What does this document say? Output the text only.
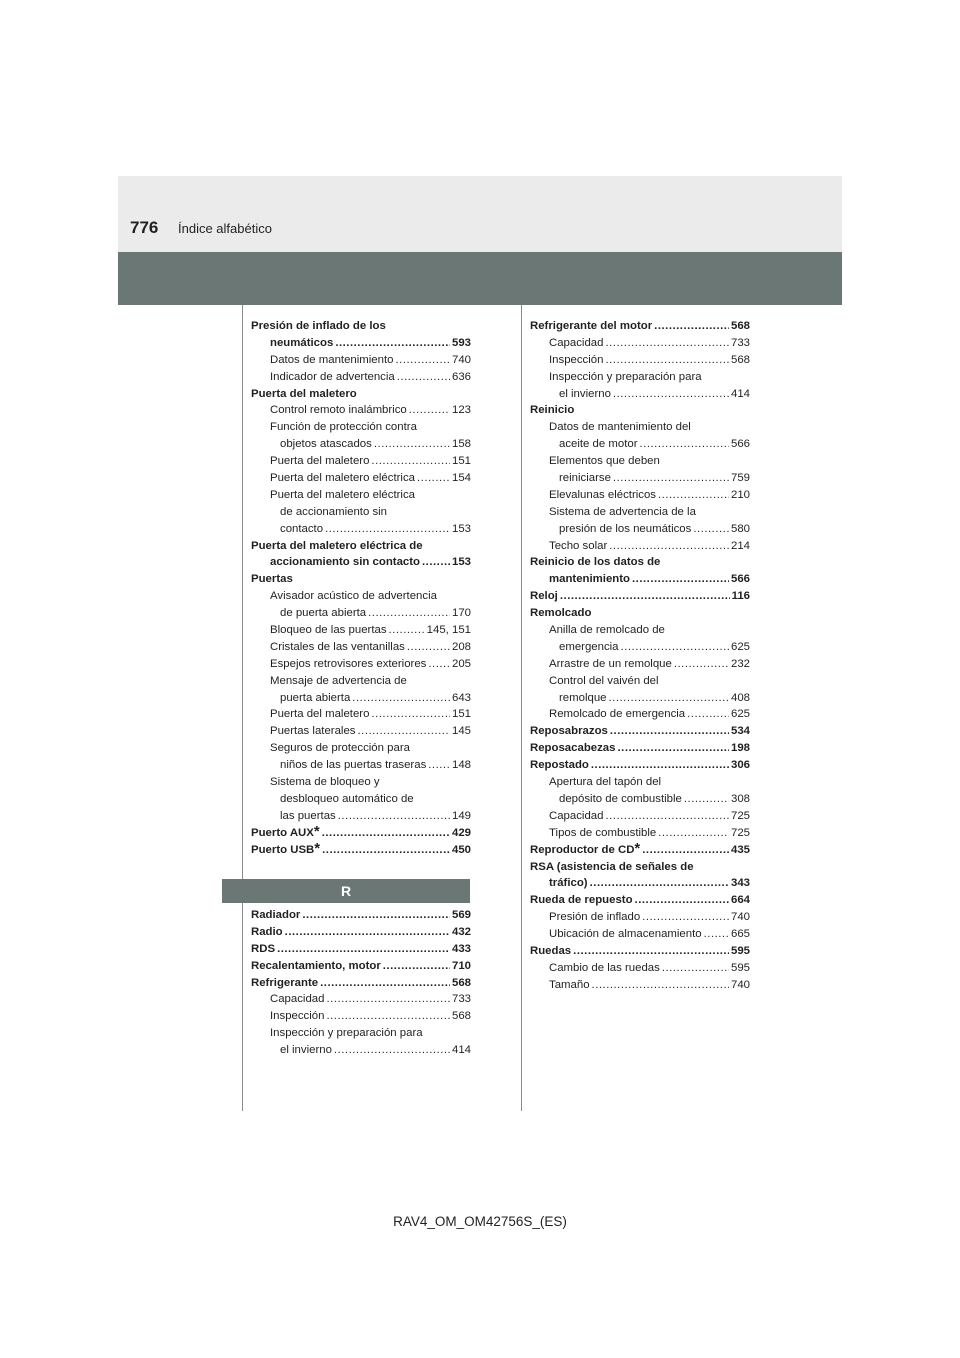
776 Índice alfabético
Presión de inflado de los
neumáticos .....	593
Datos de mantenimiento .....	740
Indicador de advertencia .....	636
Puerta del maletero
Control remoto inalámbrico .....	123
Función de protección contra
objetos atascados .....	158
Puerta del maletero .....	151
Puerta del maletero eléctrica .....	154
Puerta del maletero eléctrica
de accionamiento sin
contacto .....	153
Puerta del maletero eléctrica de
accionamiento sin contacto .....	153
Puertas
Avisador acústico de advertencia
de puerta abierta .....	170
Bloqueo de las puertas .....	145, 151
Cristales de las ventanillas .....	208
Espejos retrovisores exteriores ..... 205
Mensaje de advertencia de
puerta abierta .....	643
Puerta del maletero .....	151
Puertas laterales .....	145
Seguros de protección para
niños de las puertas traseras ..... 148
Sistema de bloqueo y
desbloqueo automático de
las puertas .....	149
Puerto AUX * .....	429
Puerto USB * .....	450
R
Radiador .....	569
Radio .....	432
RDS .....	433
Recalentamiento, motor .....	710
Refrigerante .....	568
Capacidad .....	733
Inspección .....	568
Inspección y preparación para
el invierno .....	414
Refrigerante del motor .....	568
Capacidad .....	733
Inspección .....	568
Inspección y preparación para
el invierno .....	414
Reinicio
Datos de mantenimiento del
aceite de motor .....	566
Elementos que deben
reiniciarse .....	759
Elevalunas eléctricos .....	210
Sistema de advertencia de la
presión de los neumáticos .....	580
Techo solar .....	214
Reinicio de los datos de
mantenimiento .....	566
Reloj .....	116
Remolcado
Anilla de remolcado de
emergencia .....	625
Arrastre de un remolque .....	232
Control del vaivén del
remolque .....	408
Remolcado de emergencia .....	625
Reposabrazos .....	534
Reposacabezas .....	198
Repostado .....	306
Apertura del tapón del
depósito de combustible .....	308
Capacidad .....	725
Tipos de combustible .....	725
Reproductor de CD * .....	435
RSA (asistencia de señales de
tráfico) .....	343
Rueda de repuesto .....	664
Presión de inflado .....	740
Ubicación de almacenamiento .....	665
Ruedas .....	595
Cambio de las ruedas .....	595
Tamaño .....	740
RAV4_OM_OM42756S_(ES)
